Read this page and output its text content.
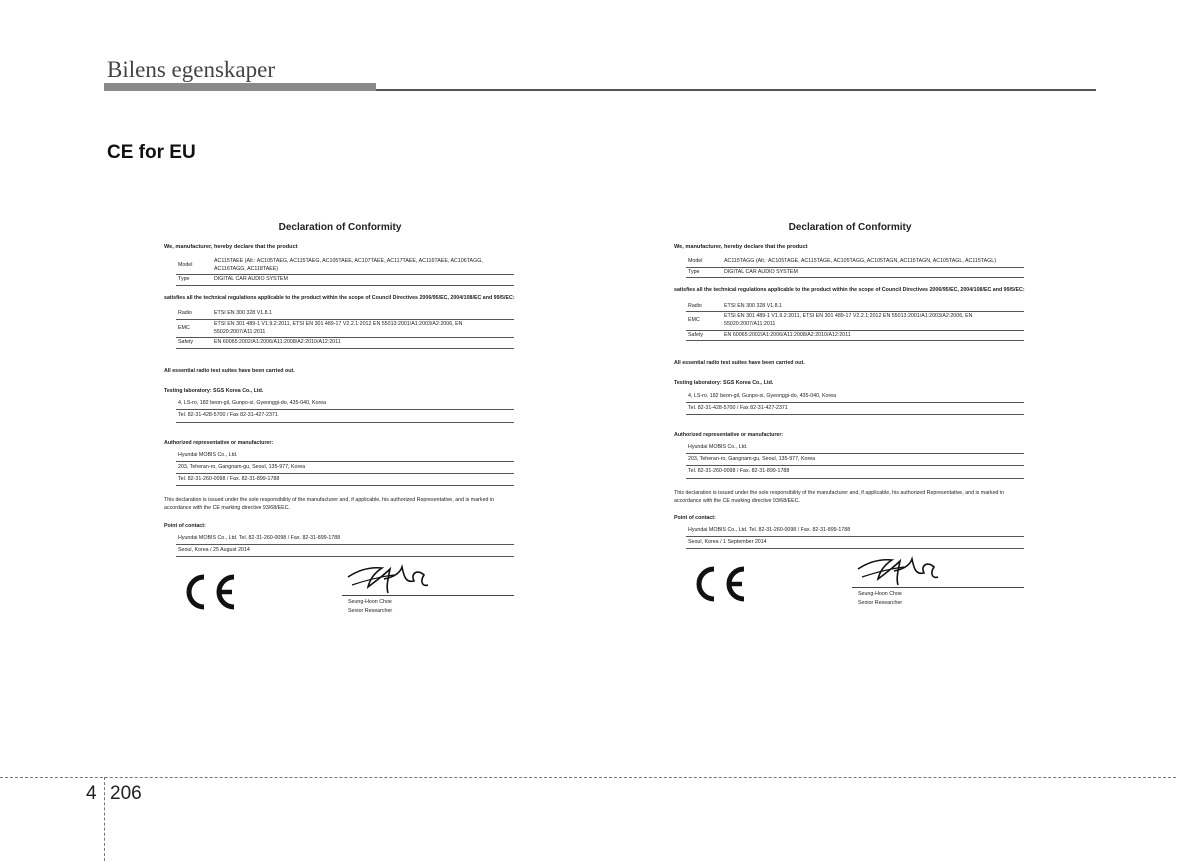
Bilens egenskaper
CE for EU
Declaration of Conformity
We, manufacturer, hereby declare that the product
Model	AC115TAEE (Alt.: AC105TAEG, AC115TAEG, AC105TAEE, AC107TAEE, AC117TAEE, AC116TAEE, AC106TAGG, AC116TAGG, AC118TAEE)
Type	DIGITAL CAR AUDIO SYSTEM
satisfies all the technical regulations applicable to the product within the scope of Council Directives 2006/95/EC, 2004/108/EC and 99/5/EC:
Radio	ETSI EN 300 328 V1.8.1
EMC	ETSI EN 301 489-1 V1.9.2:2011, ETSI EN 301 489-17 V2.2.1:2012 EN 55013:2001/A1:2003/A2:2006, EN 55020:2007/A11:2011
Safety	EN 60065:2002/A1:2006/A11:2008/A2:2010/A12:2011
All essential radio test suites have been carried out.
Testing laboratory: SGS Korea Co., Ltd.
4, LS-ro, 182 beon-gil, Gunpo-si, Gyeonggi-do, 435-040, Korea
Tel. 82-31-428-5700 / Fax 82-31-427-2371
Authorized representative or manufacturer:
Hyundai MOBIS Co., Ltd.
203, Teheran-ro, Gangnam-gu, Seoul, 135-977, Korea
Tel. 82-31-260-0098 / Fax. 82-31-899-1788
This declaration is issued under the sole responsibility of the manufacturer and, if applicable, his authorized Representative, and is marked in accordance with the CE marking directive 93/68/EEC.
Point of contact:
Hyundai MOBIS Co., Ltd. Tel. 82-31-260-0098 / Fax. 82-31-899-1788
Seoul, Korea / 25 August 2014
Seung-Hoon Choe
Senior Researcher
Declaration of Conformity
We, manufacturer, hereby declare that the product
Model	AC115TAGG (Alt.: AC105TAGE, AC115TAGE, AC105TAGG, AC105TAGN, AC115TAGN, AC105TAGL, AC115TAGL)
Type	DIGITAL CAR AUDIO SYSTEM
satisfies all the technical regulations applicable to the product within the scope of Council Directives 2006/95/EC, 2004/108/EC and 99/5/EC:
Radio	ETSI EN 300 328 V1.8.1
EMC	ETSI EN 301 489-1 V1.9.2:2011, ETSI EN 301 489-17 V2.2.1:2012 EN 55013:2001/A1:2003/A2:2006, EN 55020:2007/A11:2011
Safety	EN 60065:2002/A1:2006/A11:2008/A2:2010/A12:2011
All essential radio test suites have been carried out.
Testing laboratory: SGS Korea Co., Ltd.
4, LS-ro, 182 beon-gil, Gunpo-si, Gyeonggi-do, 435-040, Korea
Tel. 82-31-428-5700 / Fax 82-31-427-2371
Authorized representative or manufacturer:
Hyundai MOBIS Co., Ltd.
203, Teheran-ro, Gangnam-gu, Seoul, 135-977, Korea
Tel. 82-31-260-0098 / Fax. 82-31-899-1788
This declaration is issued under the sole responsibility of the manufacturer and, if applicable, his authorized Representative, and is marked in accordance with the CE marking directive 93/68/EEC.
Point of contact:
Hyundai MOBIS Co., Ltd. Tel. 82-31-260-0098 / Fax. 82-31-899-1788
Seoul, Korea / 1 September 2014
Seung-Hoon Choe
Senior Researcher
4 206
